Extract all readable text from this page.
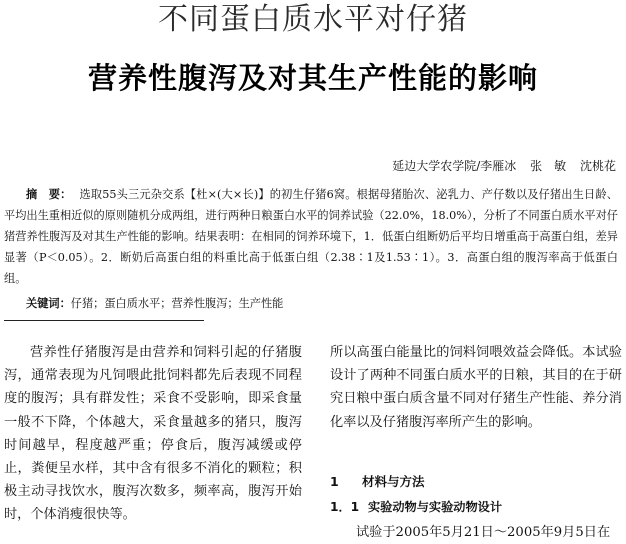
不同蛋白质水平对仔猪
营养性腹泻及对其生产性能的影响
延边大学农学院/李雁冰 张　敏 沈桃花
摘　要： 选取55头三元杂交系【杜×(大×长)】的初生仔猪6窝。根据母猪胎次、泌乳力、产仔数以及仔猪出生日龄、平均出生重相近似的原则随机分成两组，进行两种日粮蛋白水平的饲养试验（22.0%，18.0%），分析了不同蛋白质水平对仔猪营养性腹泻及对其生产性能的影响。结果表明：在相同的饲养环境下，1．低蛋白组断奶后平均日增重高于高蛋白组，差异显著（P＜0.05）。2．断奶后高蛋白组的料重比高于低蛋白组（2.38∶1及1.53∶1）。3．高蛋白组的腹泻率高于低蛋白组。
关键词：仔猪；蛋白质水平；营养性腹泻；生产性能
营养性仔猪腹泻是由营养和饲料引起的仔猪腹泻，通常表现为凡饲喂此批饲料都先后表现不同程度的腹泻；具有群发性；采食不受影响，即采食量一般不下降，个体越大，采食量越多的猪只，腹泻时间越早，程度越严重；停食后，腹泻减缓或停止，粪便呈水样，其中含有很多不消化的颗粒；积极主动寻找饮水，腹泻次数多，频率高，腹泻开始时，个体消瘦很快等。
所以高蛋白能量比的饲料饲喂效益会降低。本试验设计了两种不同蛋白质水平的日粮，其目的在于研究日粮中蛋白质含量不同对仔猪生产性能、养分消化率以及仔猪腹泻率所产生的影响。
1 材料与方法
1．1 实验动物与实验动物设计
试验于2005年5月21日～2005年9月5日在
